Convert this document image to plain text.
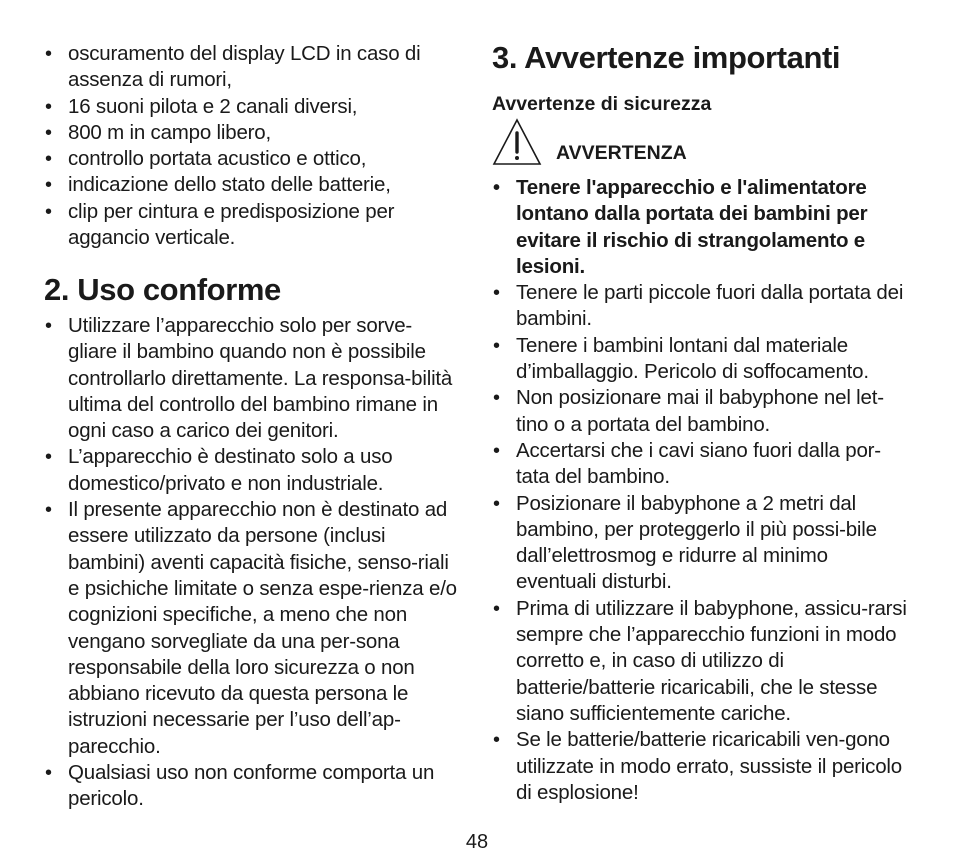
• oscuramento del display LCD in caso di assenza di rumori,
• 16 suoni pilota e 2 canali diversi,
• 800 m in campo libero,
• controllo portata acustico e ottico,
• indicazione dello stato delle batterie,
• clip per cintura e predisposizione per aggancio verticale.
2. Uso conforme
• Utilizzare l’apparecchio solo per sorve-gliare il bambino quando non è possibile controllarlo direttamente. La responsa-bilità ultima del controllo del bambino rimane in ogni caso a carico dei genitori.
• L’apparecchio è destinato solo a uso domestico/privato e non industriale.
• Il presente apparecchio non è destinato ad essere utilizzato da persone (inclusi bambini) aventi capacità fisiche, senso-riali e psichiche limitate o senza espe-rienza e/o cognizioni specifiche, a meno che non vengano sorvegliate da una per-sona responsabile della loro sicurezza o non abbiano ricevuto da questa persona le istruzioni necessarie per l’uso dell’ap-parecchio.
• Qualsiasi uso non conforme comporta un pericolo.
3. Avvertenze importanti

Avvertenze di sicurezza

AVVERTENZA
• Tenere l'apparecchio e l'alimentatore lontano dalla portata dei bambini per evitare il rischio di strangolamento e lesioni.
• Tenere le parti piccole fuori dalla portata dei bambini.
• Tenere i bambini lontani dal materiale d’imballaggio. Pericolo di soffocamento.
• Non posizionare mai il babyphone nel let-tino o a portata del bambino.
• Accertarsi che i cavi siano fuori dalla por-tata del bambino.
• Posizionare il babyphone a 2 metri dal bambino, per proteggerlo il più possi-bile dall’elettrosmog e ridurre al minimo eventuali disturbi.
• Prima di utilizzare il babyphone, assicu-rarsi sempre che l’apparecchio funzioni in modo corretto e, in caso di utilizzo di batterie/batterie ricaricabili, che le stesse siano sufficientemente cariche.
• Se le batterie/batterie ricaricabili ven-gono utilizzate in modo errato, sussiste il pericolo di esplosione!
48
